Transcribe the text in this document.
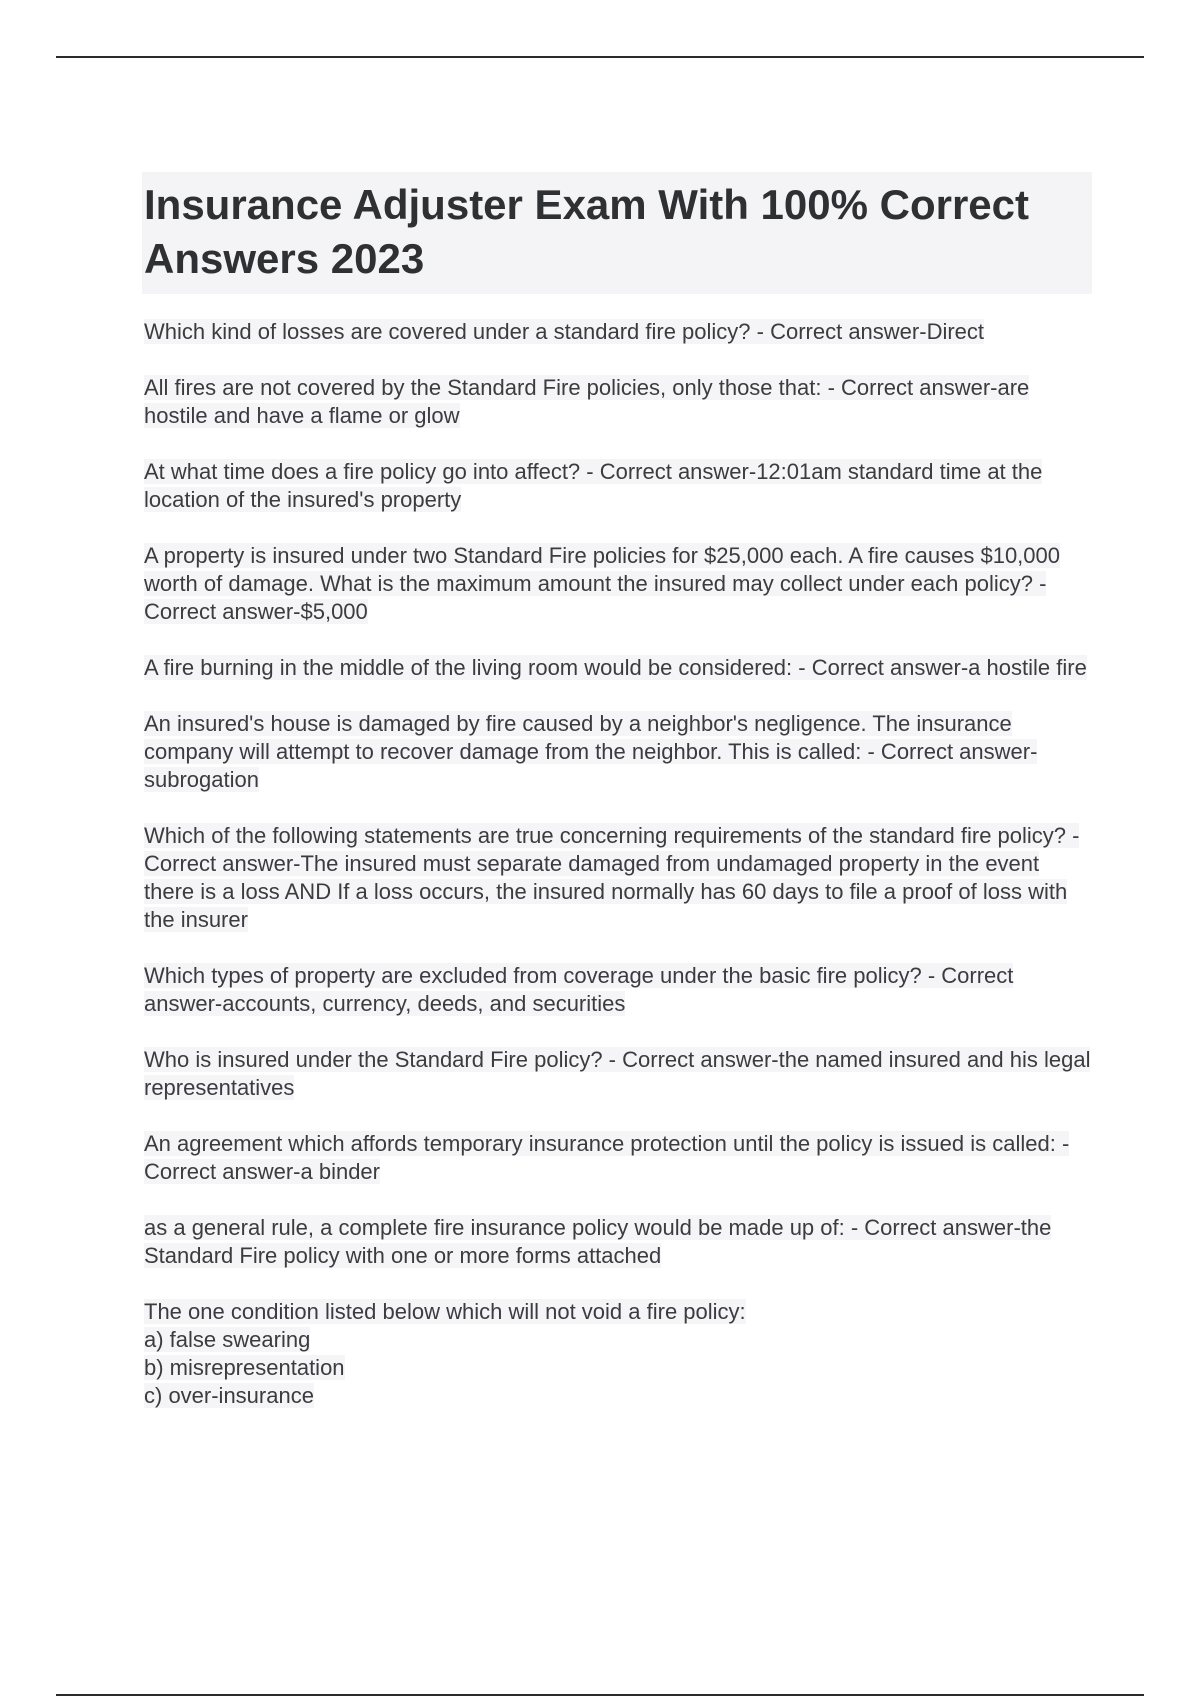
Insurance Adjuster Exam With 100% Correct Answers 2023

Which kind of losses are covered under a standard fire policy? - Correct answer-Direct

All fires are not covered by the Standard Fire policies, only those that: - Correct answer-are hostile and have a flame or glow

At what time does a fire policy go into affect? - Correct answer-12:01am standard time at the location of the insured's property

A property is insured under two Standard Fire policies for $25,000 each. A fire causes $10,000 worth of damage. What is the maximum amount the insured may collect under each policy? - Correct answer-$5,000

A fire burning in the middle of the living room would be considered: - Correct answer-a hostile fire

An insured's house is damaged by fire caused by a neighbor's negligence. The insurance company will attempt to recover damage from the neighbor. This is called: - Correct answer-subrogation

Which of the following statements are true concerning requirements of the standard fire policy? - Correct answer-The insured must separate damaged from undamaged property in the event there is a loss AND If a loss occurs, the insured normally has 60 days to file a proof of loss with the insurer

Which types of property are excluded from coverage under the basic fire policy? - Correct answer-accounts, currency, deeds, and securities

Who is insured under the Standard Fire policy? - Correct answer-the named insured and his legal representatives

An agreement which affords temporary insurance protection until the policy is issued is called: - Correct answer-a binder

as a general rule, a complete fire insurance policy would be made up of: - Correct answer-the Standard Fire policy with one or more forms attached

The one condition listed below which will not void a fire policy:
a) false swearing
b) misrepresentation
c) over-insurance
